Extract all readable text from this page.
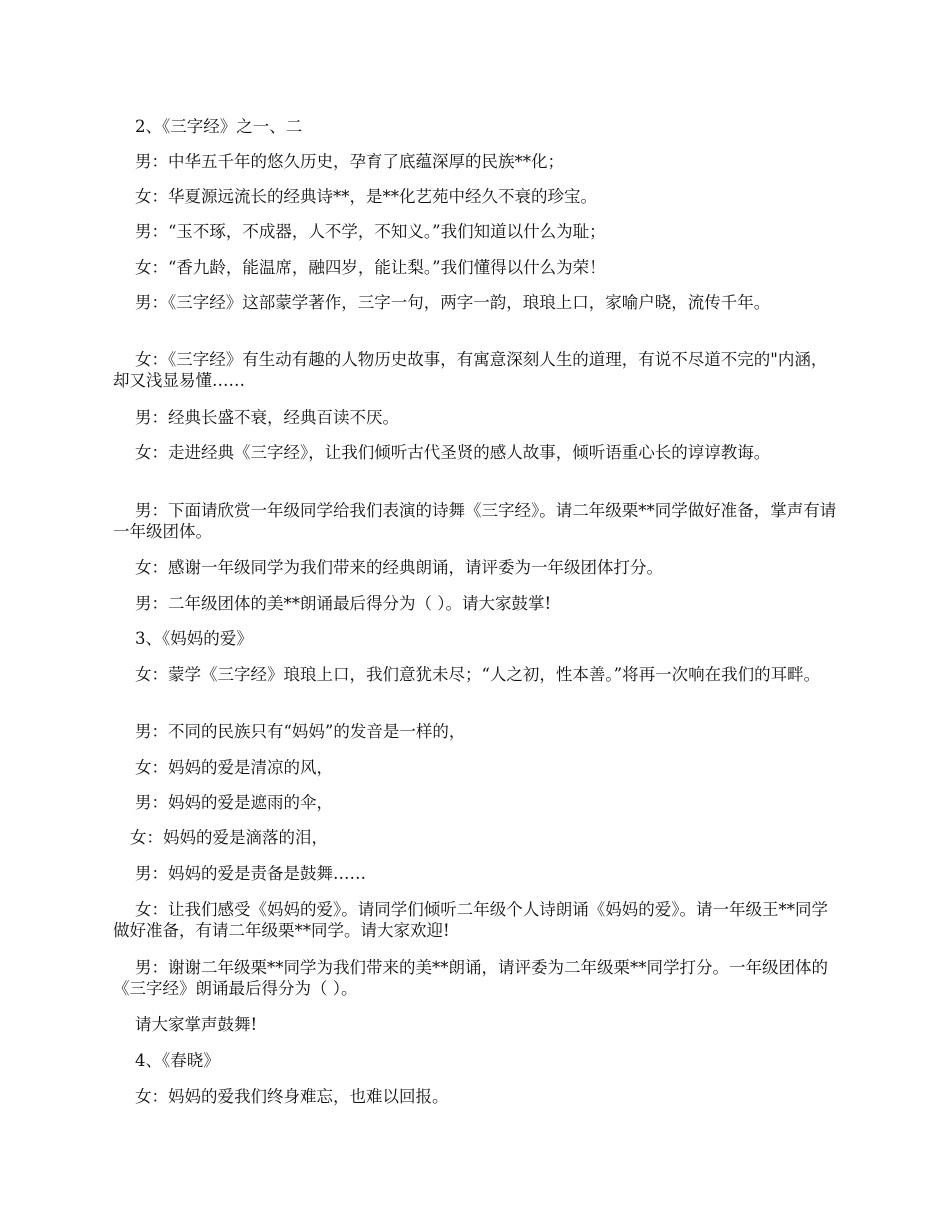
2、《三字经》之一、二

男：中华五千年的悠久历史，孕育了底蕴深厚的民族**化；

女：华夏源远流长的经典诗**，是**化艺苑中经久不衰的珍宝。

男：“玉不琢，不成器，人不学，不知义。”我们知道以什么为耻；

女：“香九龄，能温席，融四岁，能让梨。”我们懂得以什么为荣！

男：《三字经》这部蒙学著作，三字一句，两字一韵，琅琅上口，家喻户晓，流传千年。

女：《三字经》有生动有趣的人物历史故事，有寓意深刻人生的道理，有说不尽道不完的"内涵，却又浅显易懂……

男：经典长盛不衰，经典百读不厌。

女：走进经典《三字经》，让我们倾听古代圣贤的感人故事，倾听语重心长的谆谆教诲。

男：下面请欣赏一年级同学给我们表演的诗舞《三字经》。请二年级栗**同学做好准备，掌声有请一年级团体。

女：感谢一年级同学为我们带来的经典朗诵，请评委为一年级团体打分。

男：二年级团体的美**朗诵最后得分为（ ）。请大家鼓掌!

3、《妈妈的爱》

女：蒙学《三字经》琅琅上口，我们意犹未尽；“人之初，性本善。”将再一次响在我们的耳畔。

男：不同的民族只有“妈妈”的发音是一样的，

女：妈妈的爱是清凉的风，

男：妈妈的爱是遮雨的伞，

女：妈妈的爱是滴落的泪，

男：妈妈的爱是责备是鼓舞……

女：让我们感受《妈妈的爱》。请同学们倾听二年级个人诗朗诵《妈妈的爱》。请一年级王**同学做好准备，有请二年级栗**同学。请大家欢迎!

男：谢谢二年级栗**同学为我们带来的美**朗诵，请评委为二年级栗**同学打分。一年级团体的《三字经》朗诵最后得分为（ ）。

请大家掌声鼓舞!

4、《春晓》

女：妈妈的爱我们终身难忘，也难以回报。
